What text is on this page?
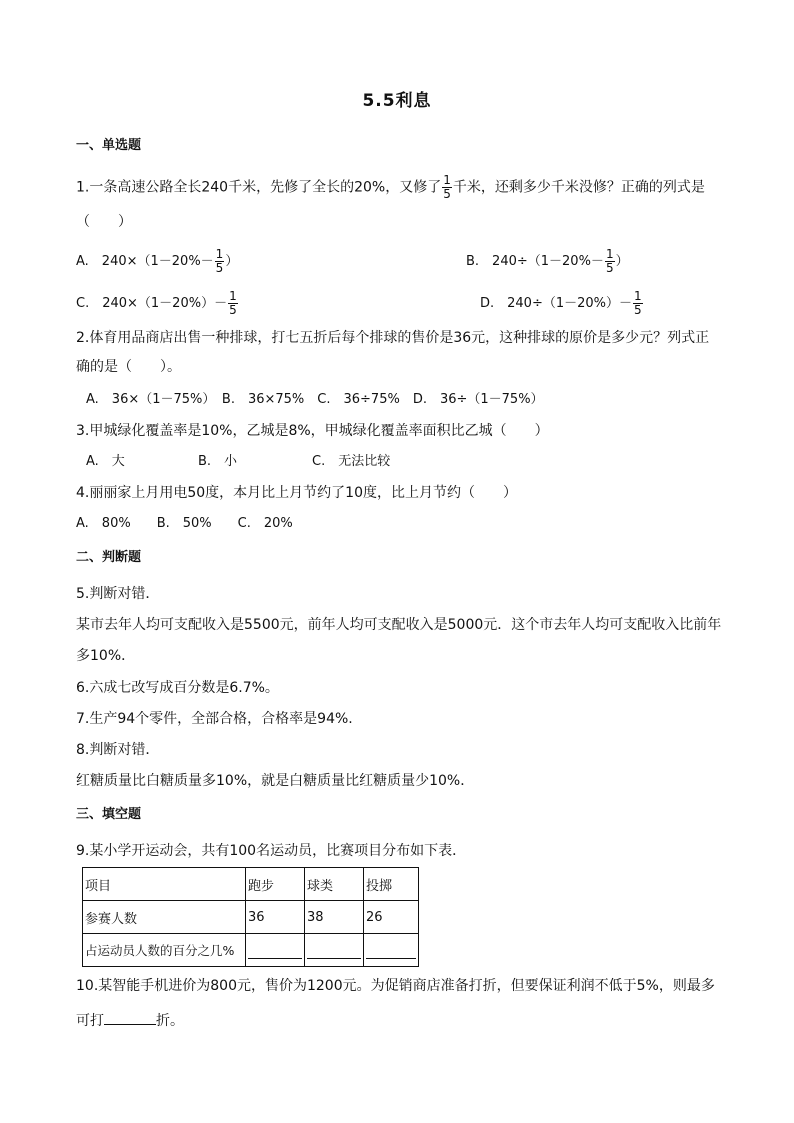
5.5利息
一、单选题
1.一条高速公路全长240千米，先修了全长的20%，又修了 $\frac{1}{5}$ 千米，还剩多少千米没修？正确的列式是
（　　）
A.　$240\times(1-20\%- \frac{1}{5}$ ）	B.　$240\div(1-20\%- \frac{1}{5}$ ）
C.　$240\times(1-20\%)- \frac{1}{5}$	D.　$240\div(1-20\%)- \frac{1}{5}$
2.体育用品商店出售一种排球，打七五折后每个排球的售价是36元，这种排球的原价是多少元？列式正
确的是（　　）。
A.　36×（1－75%）　B.　36×75%　C.　36÷75%　D.　36÷（1－75%）
3.甲城绿化覆盖率是10%，乙城是8%，甲城绿化覆盖率面积比乙城（　　）
A.　大	B.　小	C.　无法比较
4.丽丽家上月用电50度，本月比上月节约了10度，比上月节约（　　）
A.　80%　　B.　50%　　C.　20%
二、判断题
5.判断对错．
某市去年人均可支配收入是5500元，前年人均可支配收入是5000元．这个市去年人均可支配收入比前年
多10%．
6.六成七改写成百分数是6.7%。
7.生产94个零件，全部合格，合格率是94%.
8.判断对错．
红糖质量比白糖质量多10%，就是白糖质量比红糖质量少10%．
三、填空题
9.某小学开运动会，共有100名运动员，比赛项目分布如下表．
项目	跑步	球类	投掷
参赛人数	36	38	26
占运动员人数的百分之几%	

10.某智能手机进价为800元，售价为1200元。为促销商店准备打折，但要保证利润不低于5%，则最多
可打	折。
